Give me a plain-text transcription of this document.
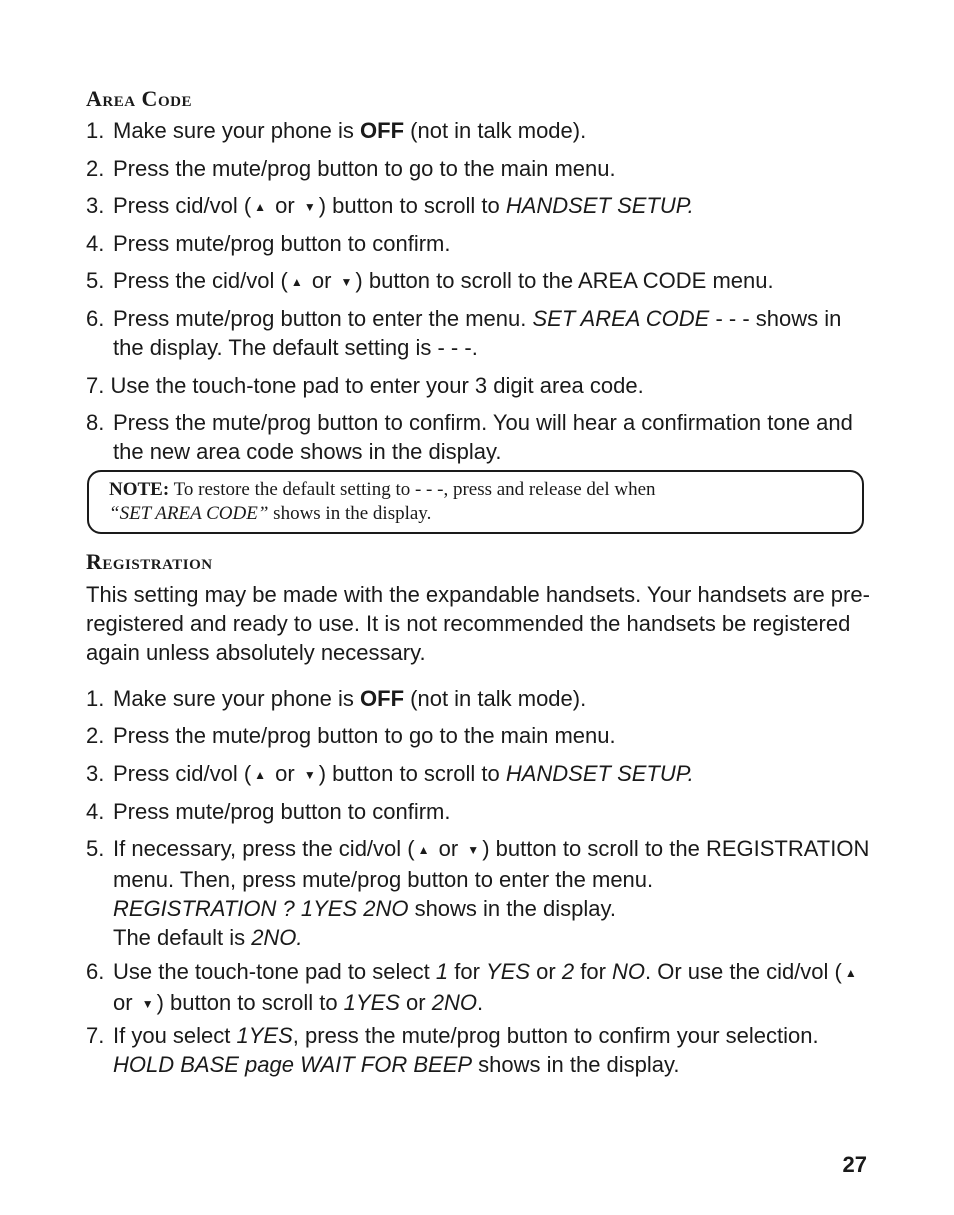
Area Code

1. Make sure your phone is OFF (not in talk mode).

2. Press the mute/prog button to go to the main menu.

3. Press cid/vol ( ▲ or ▼ ) button to scroll to HANDSET SETUP.

4. Press mute/prog button to confirm.

5. Press the cid/vol ( ▲ or ▼ ) button to scroll to the AREA CODE menu.

6. Press mute/prog button to enter the menu. SET AREA CODE - - - shows in the display. The default setting is - - -.

7. Use the touch-tone pad to enter your 3 digit area code.

8. Press the mute/prog button to confirm. You will hear a confirmation tone and the new area code shows in the display.

NOTE: To restore the default setting to - - -, press and release del when
“SET AREA CODE” shows in the display.
Registration

This setting may be made with the expandable handsets. Your handsets are pre-registered and ready to use. It is not recommended the handsets be registered again unless absolutely necessary.

1. Make sure your phone is OFF (not in talk mode).

2. Press the mute/prog button to go to the main menu.

3. Press cid/vol ( ▲ or ▼ ) button to scroll to HANDSET SETUP.

4. Press mute/prog button to confirm.

5. If necessary, press the cid/vol ( ▲ or ▼ ) button to scroll to the REGISTRATION menu. Then, press mute/prog button to enter the menu.
REGISTRATION ? 1YES 2NO shows in the display.
The default is 2NO.

6. Use the touch-tone pad to select 1 for YES or 2 for NO. Or use the cid/vol ( ▲ or ▼ ) button to scroll to 1YES or 2NO.

7. If you select 1YES, press the mute/prog button to confirm your selection.
HOLD BASE page WAIT FOR BEEP shows in the display.

27
